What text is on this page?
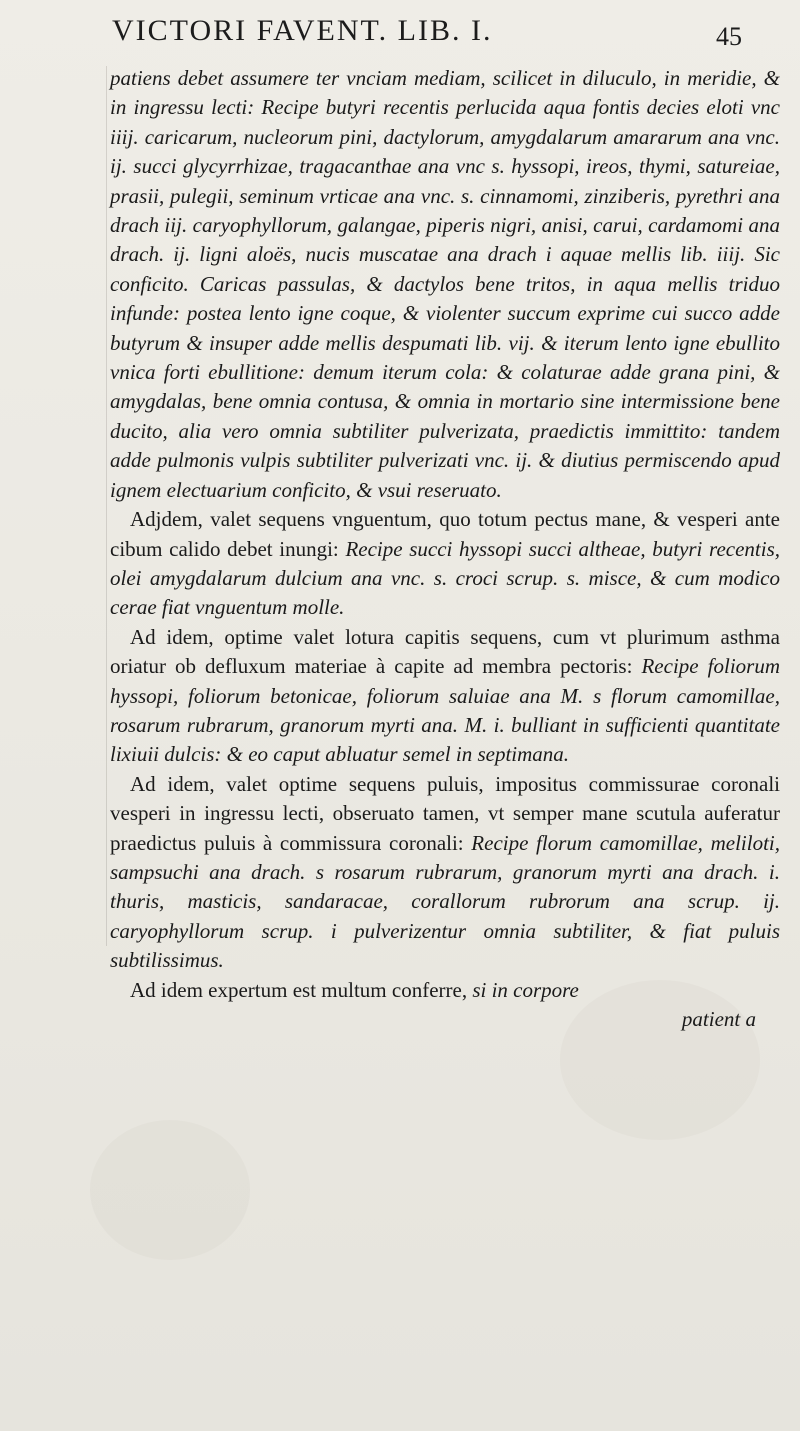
VICTORI FAVENT. LIB. I.	45

patiens debet assumere ter vnciam mediam, scilicet in diluculo, in meridie, & in ingressu lecti: Recipe butyri recentis perlucida aqua fontis decies eloti vnc iiij. caricarum, nucleorum pini, dactylorum, amygdalarum amararum ana vnc. ij. succi glycyrrhizae, tragacanthae ana vnc s. hyssopi, ireos, thymi, satureiae, prasii, pulegii, seminum vrticae ana vnc. s. cinnamomi, zinziberis, pyrethri ana drach iij. caryophyllorum, galangae, piperis nigri, anisi, carui, cardamomi ana drach. ij. ligni aloës, nucis muscatae ana drach i aquae mellis lib. iiij. Sic conficito. Caricas passulas, & dactylos bene tritos, in aqua mellis triduo infunde: postea lento igne coque, & violenter succum exprime cui succo adde butyrum & insuper adde mellis despumati lib. vij. & iterum lento igne ebullito vnica forti ebullitione: demum iterum cola: & colaturae adde grana pini, & amygdalas, bene omnia contusa, & omnia in mortario sine intermissione bene ducito, alia vero omnia subtiliter pulverizata, praedictis immittito: tandem adde pulmonis vulpis subtiliter pulverizati vnc. ij. & diutius permiscendo apud ignem electuarium conficito, & vsui reseruato.

Adjdem, valet sequens vnguentum, quo totum pectus mane, & vesperi ante cibum calido debet inungi: Recipe succi hyssopi succi altheae, butyri recentis, olei amygdalarum dulcium ana vnc. s. croci scrup. s. misce, & cum modico cerae fiat vnguentum molle.

Ad idem, optime valet lotura capitis sequens, cum vt plurimum asthma oriatur ob defluxum materiae à capite ad membra pectoris: Recipe foliorum hyssopi, foliorum betonicae, foliorum saluiae ana M. s florum camomillae, rosarum rubrarum, granorum myrti ana. M. i. bulliant in sufficienti quantitate lixiuii dulcis: & eo caput abluatur semel in septimana.

Ad idem, valet optime sequens puluis, impositus commissurae coronali vesperi in ingressu lecti, obseruato tamen, vt semper mane scutula auferatur praedictus puluis à commissura coronali: Recipe florum camomillae, meliloti, sampsuchi ana drach. s rosarum rubrarum, granorum myrti ana drach. i. thuris, masticis, sandaracae, corallorum rubrorum ana scrup. ij. caryophyllorum scrup. i pulverizentur omnia subtiliter, & fiat puluis subtilissimus.

Ad idem expertum est multum conferre, si in corpore

patient a
